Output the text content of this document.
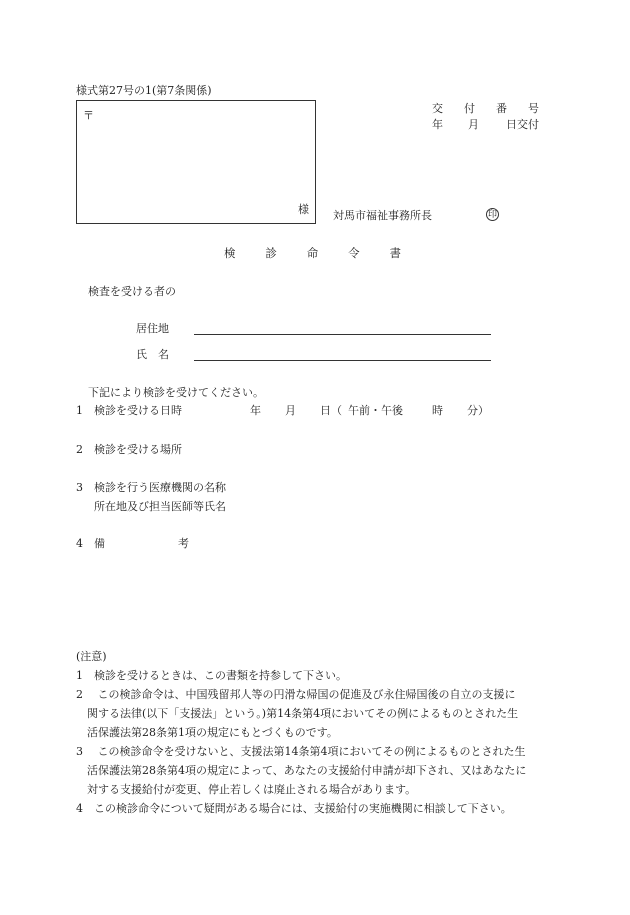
様式第27号の1(第7条関係)
〒
様
交 付 番 号
年 月 日交付
対馬市福祉事務所長	印
検	診	命	令	書
検査を受ける者の
居住地
氏　名
下記により検診を受けてください。
1 検診を受ける日時	年 月 日（ 午前・午後	時 分）
2 検診を受ける場所
3 検診を行う医療機関の名称
所在地及び担当医師等氏名
4 備	考
(注意)
1　検診を受けるときは、この書類を持参して下さい。
2　 この検診命令は、中国残留邦人等の円滑な帰国の促進及び永住帰国後の自立の支援に
　関する法律(以下「支援法」という。)第14条第4項においてその例によるものとされた生
　活保護法第28条第1項の規定にもとづくものです。
3　 この検診命令を受けないと、支援法第14条第4項においてその例によるものとされた生
　活保護法第28条第4項の規定によって、あなたの支援給付申請が却下され、又はあなたに
　対する支援給付が変更、停止若しくは廃止される場合があります。
4　この検診命令について疑問がある場合には、支援給付の実施機関に相談して下さい。
